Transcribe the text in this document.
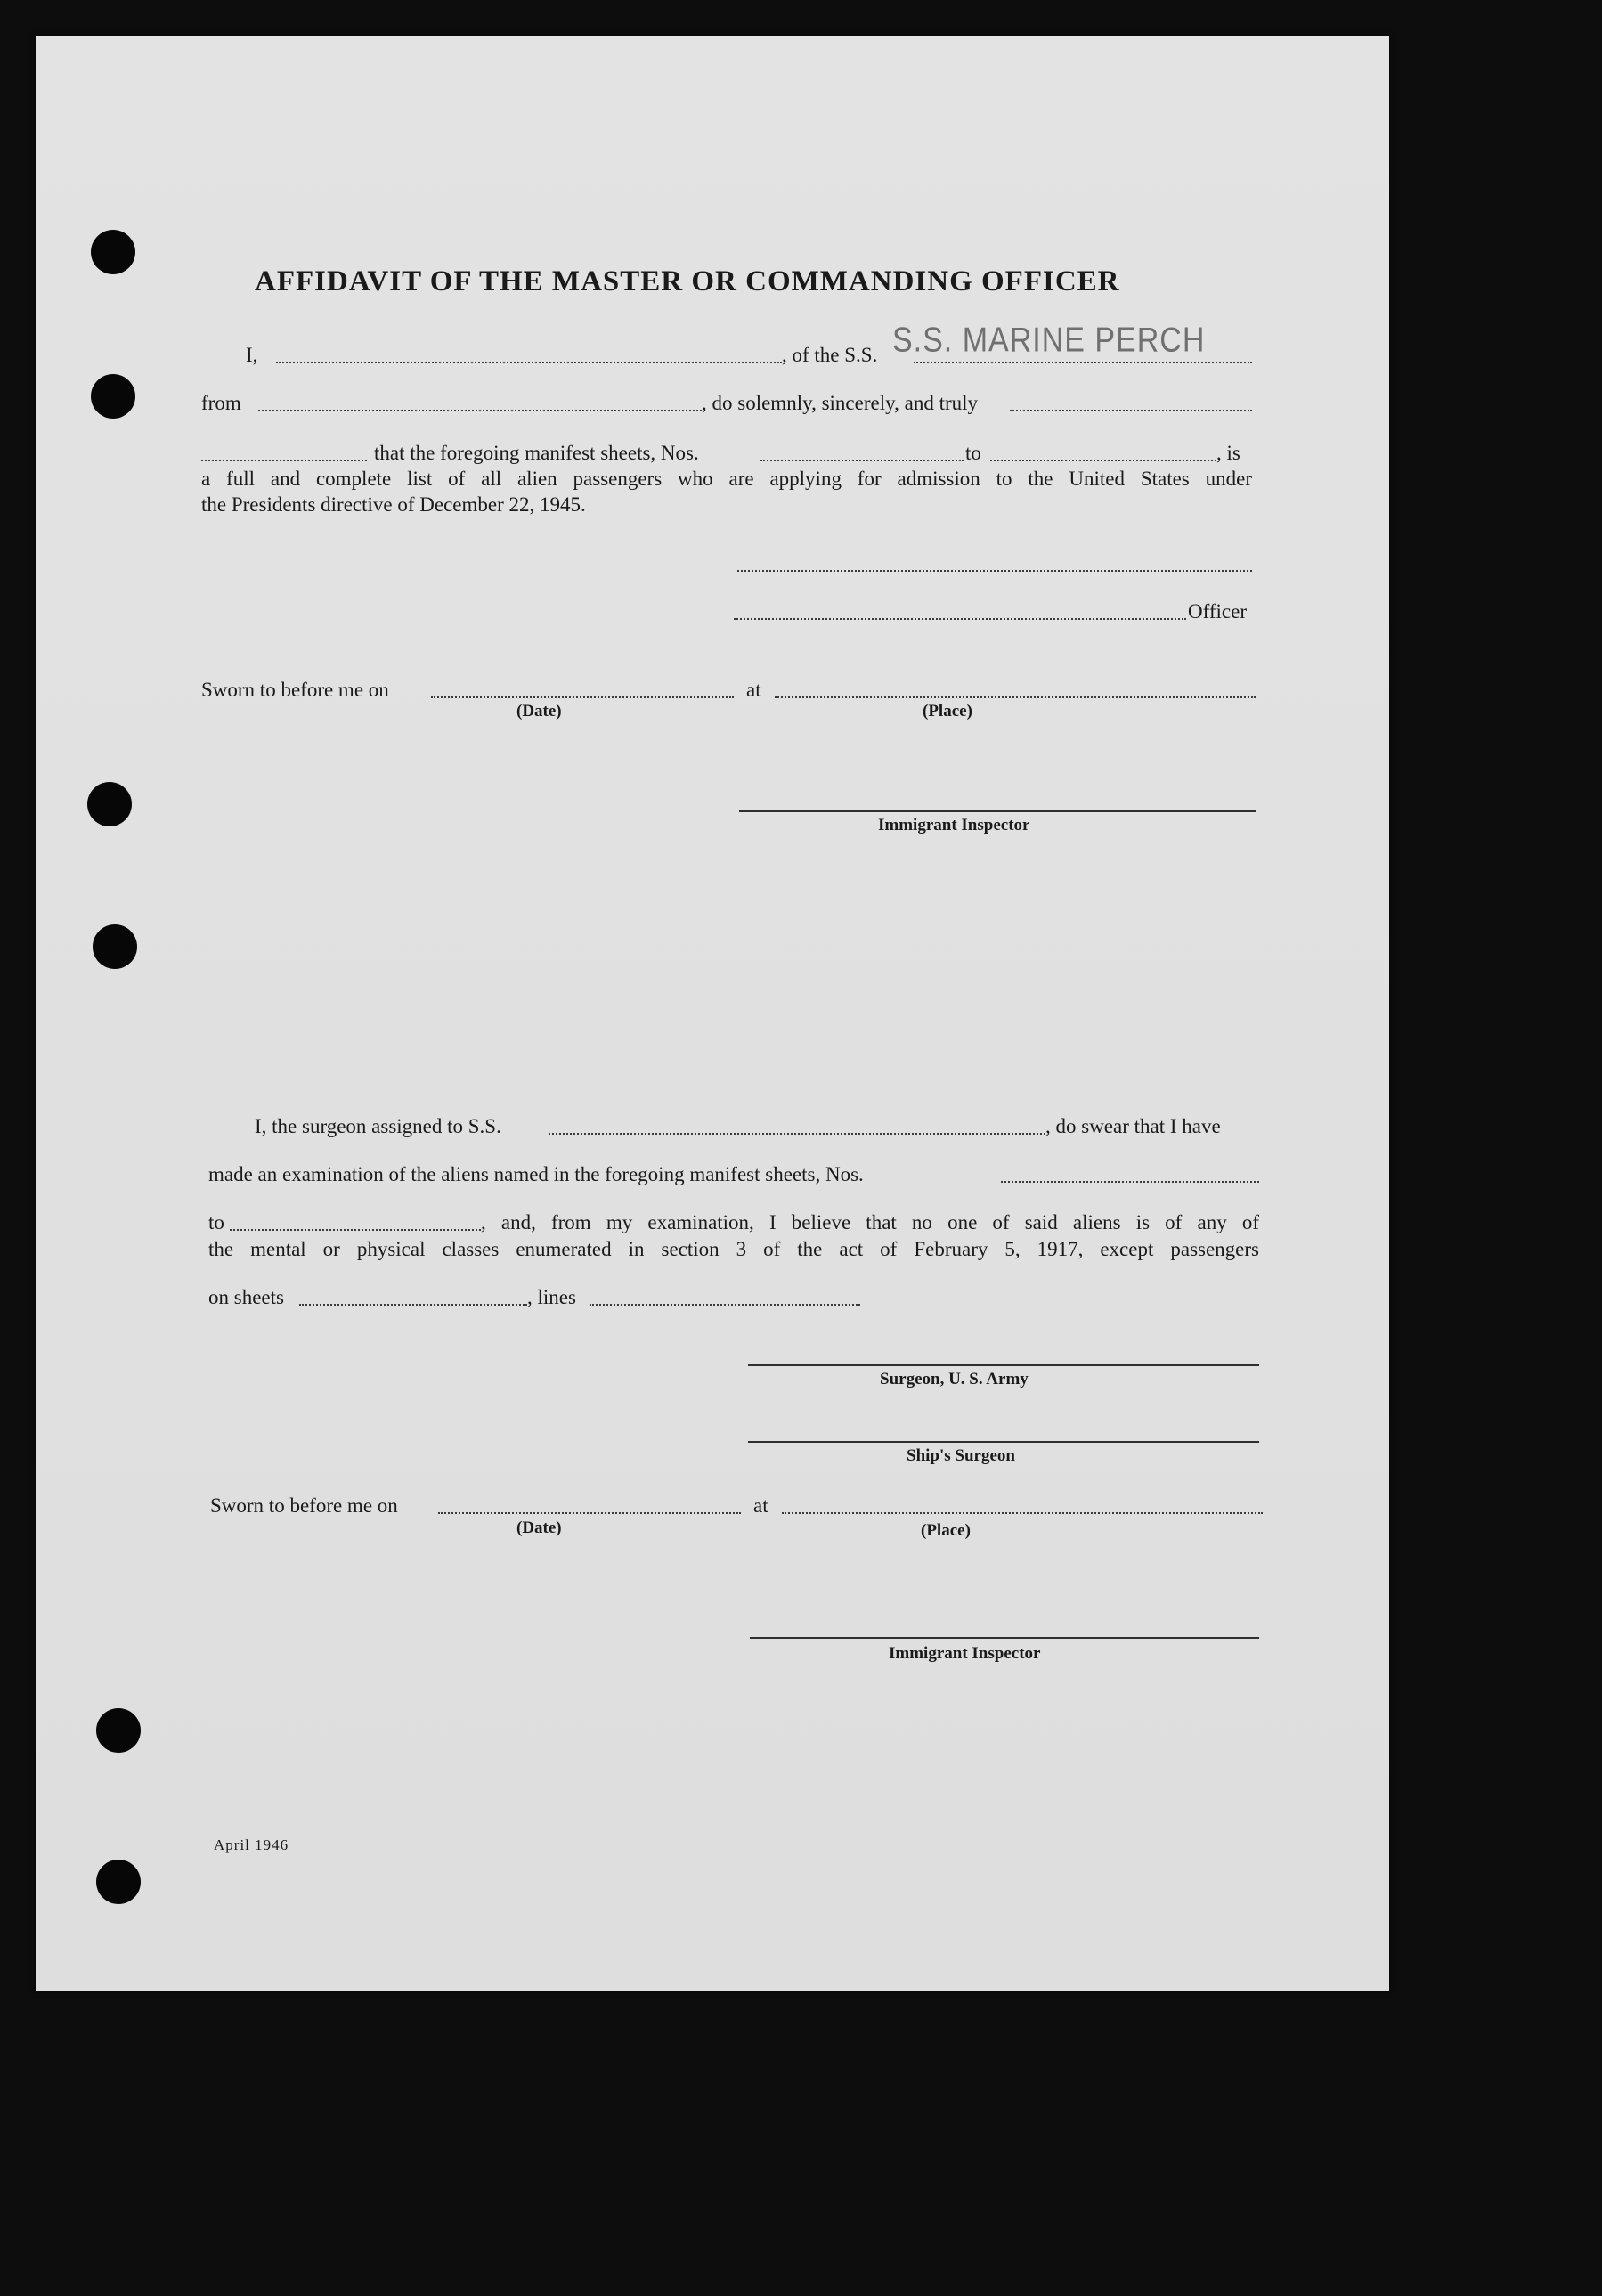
AFFIDAVIT OF THE MASTER OR COMMANDING OFFICER
I,	, of the S.S. S.S. MARINE PERCH
from	, do solemnly, sincerely, and truly
that the foregoing manifest sheets, Nos.	to	, is
a full and complete list of all alien passengers who are applying for admission to the United States under
the Presidents directive of December 22, 1945.
Officer
Sworn to before me on	at
(Date)	(Place)
Immigrant Inspector
I, the surgeon assigned to S.S.	, do swear that I have
made an examination of the aliens named in the foregoing manifest sheets, Nos.
to	, and, from my examination, I believe that no one of said aliens is of any of
the mental or physical classes enumerated in section 3 of the act of February 5, 1917, except passengers
on sheets	, lines
Surgeon, U. S. Army
Ship's Surgeon
Sworn to before me on	at
(Date)	(Place)
Immigrant Inspector
April 1946
